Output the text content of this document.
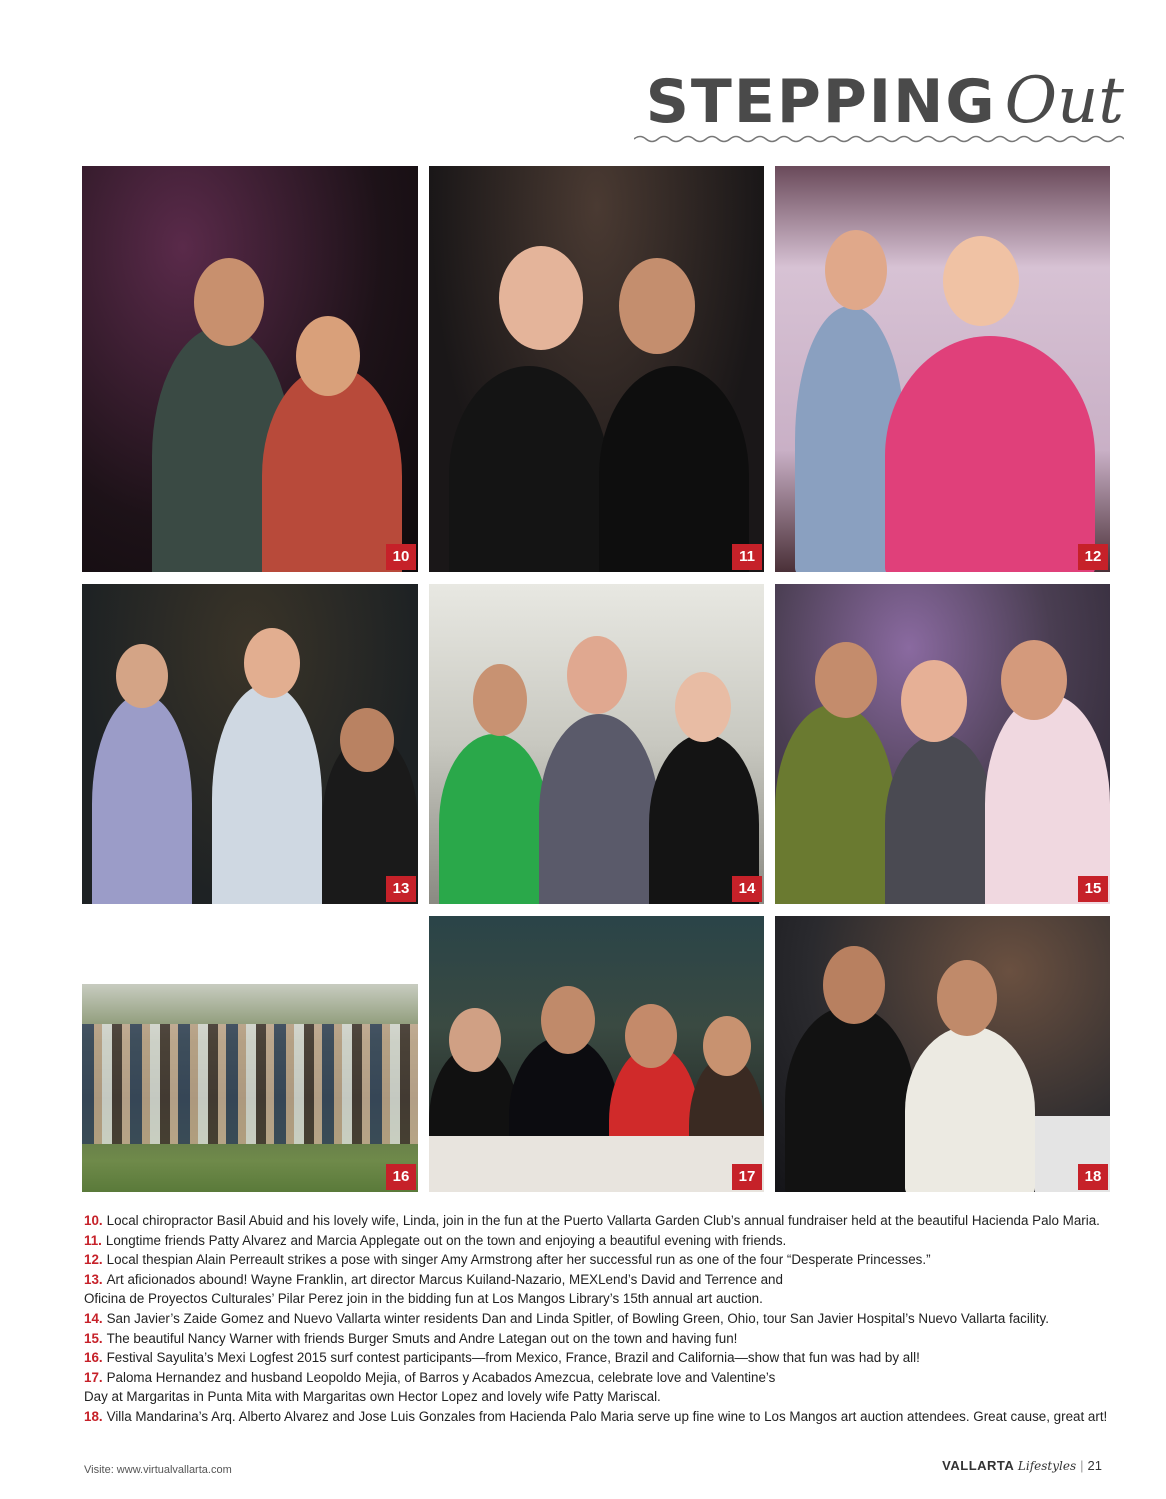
STEPPING Out
10	11	12
13	14	15
16	17	18

10. Local chiropractor Basil Abuid and his lovely wife, Linda, join in the fun at the Puerto Vallarta Garden Club’s annual fundraiser held at the beautiful Hacienda Palo Maria.

11. Longtime friends Patty Alvarez and Marcia Applegate out on the town and enjoying a beautiful evening with friends.

12. Local thespian Alain Perreault strikes a pose with singer Amy Armstrong after her successful run as one of the four “Desperate Princesses.”

13. Art aficionados abound! Wayne Franklin, art director Marcus Kuiland-Nazario, MEXLend’s David and Terrence and
Oficina de Proyectos Culturales’ Pilar Perez join in the bidding fun at Los Mangos Library’s 15th annual art auction.

14. San Javier’s Zaide Gomez and Nuevo Vallarta winter residents Dan and Linda Spitler, of Bowling Green, Ohio, tour San Javier Hospital’s Nuevo Vallarta facility.

15. The beautiful Nancy Warner with friends Burger Smuts and Andre Lategan out on the town and having fun!

16. Festival Sayulita’s Mexi Logfest 2015 surf contest participants—from Mexico, France, Brazil and California—show that fun was had by all!

17. Paloma Hernandez and husband Leopoldo Mejia, of Barros y Acabados Amezcua, celebrate love and Valentine’s
Day at Margaritas in Punta Mita with Margaritas own Hector Lopez and lovely wife Patty Mariscal.

18. Villa Mandarina’s Arq. Alberto Alvarez and Jose Luis Gonzales from Hacienda Palo Maria serve up fine wine to Los Mangos art auction attendees. Great cause, great art!

Visite: www.virtualvallarta.com	VALLARTA Lifestyles | 21
